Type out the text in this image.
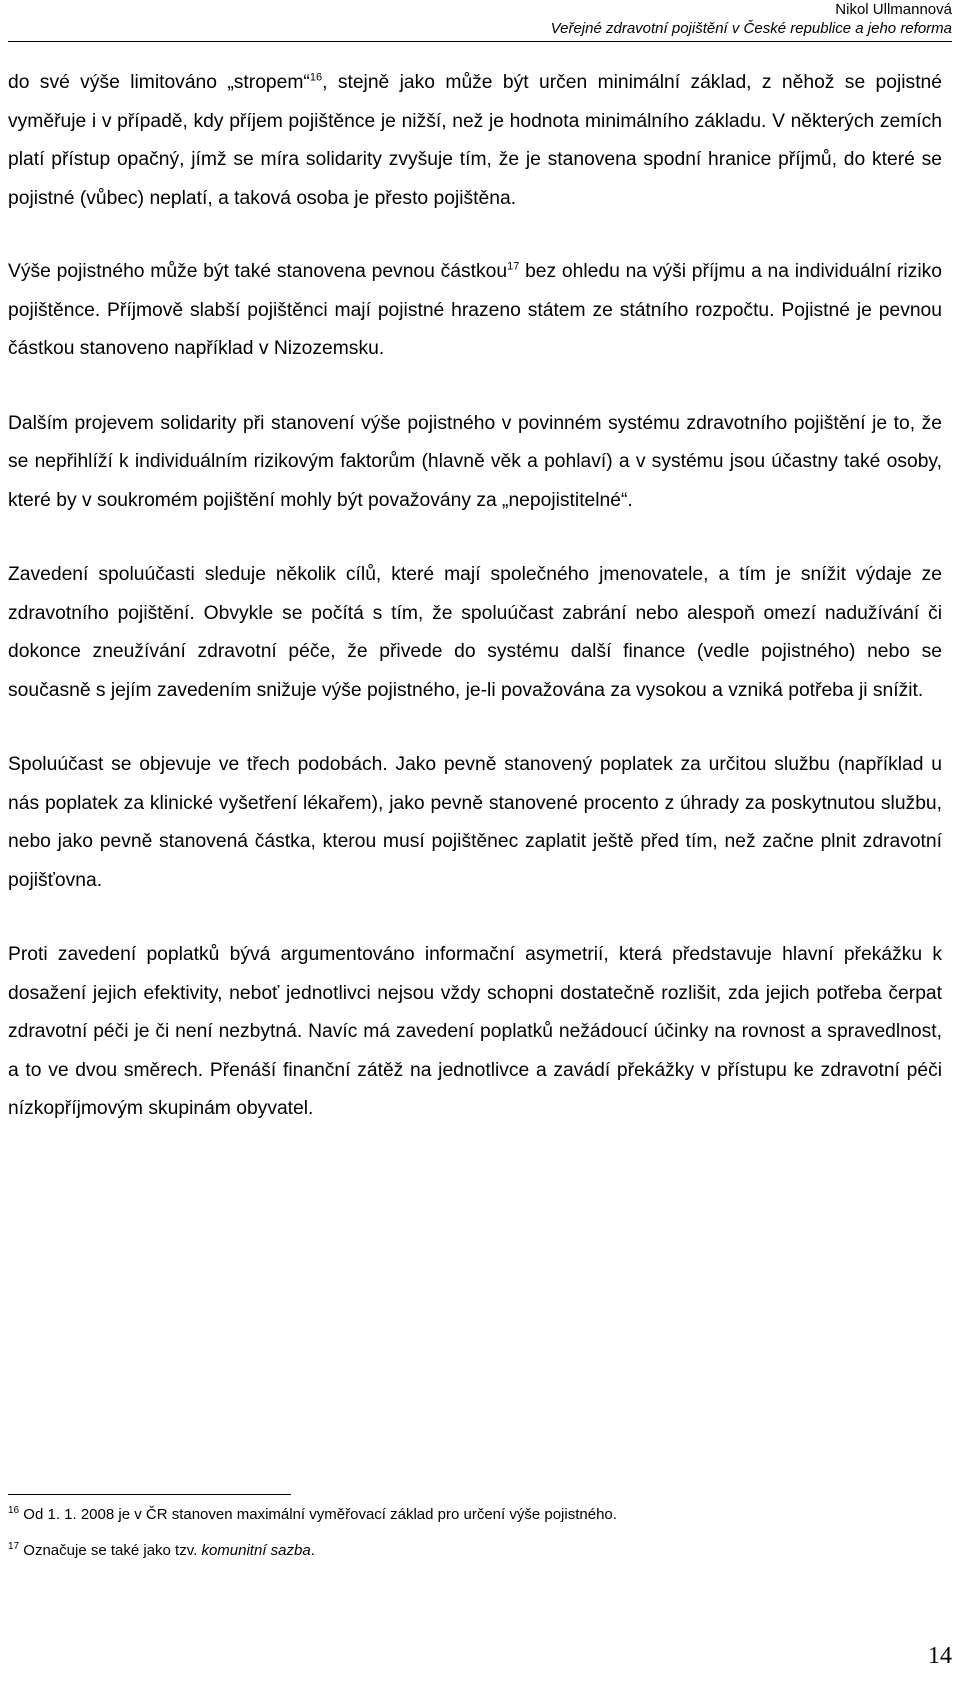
Nikol Ullmannová
Veřejné zdravotní pojištění v České republice a jeho reforma

do své výše limitováno „stropem“$^{16}$, stejně jako může být určen minimální základ, z něhož se pojistné vyměřuje i v případě, kdy příjem pojištěnce je nižší, než je hodnota minimálního základu. V některých zemích platí přístup opačný, jímž se míra solidarity zvyšuje tím, že je stanovena spodní hranice příjmů, do které se pojistné (vůbec) neplatí, a taková osoba je přesto pojištěna.

Výše pojistného může být také stanovena pevnou částkou$^{17}$ bez ohledu na výši příjmu a na individuální riziko pojištěnce. Příjmově slabší pojištěnci mají pojistné hrazeno státem ze státního rozpočtu. Pojistné je pevnou částkou stanoveno například v Nizozemsku.

Dalším projevem solidarity při stanovení výše pojistného v povinném systému zdravotního pojištění je to, že se nepřihlíží k individuálním rizikovým faktorům (hlavně věk a pohlaví) a v systému jsou účastny také osoby, které by v soukromém pojištění mohly být považovány za „nepojistitelné“.

Zavedení spoluúčasti sleduje několik cílů, které mají společného jmenovatele, a tím je snížit výdaje ze zdravotního pojištění. Obvykle se počítá s tím, že spoluúčast zabrání nebo alespoň omezí nadužívání či dokonce zneužívání zdravotní péče, že přivede do systému další finance (vedle pojistného) nebo se současně s jejím zavedením snižuje výše pojistného, je-li považována za vysokou a vzniká potřeba ji snížit.

Spoluúčast se objevuje ve třech podobách. Jako pevně stanovený poplatek za určitou službu (například u nás poplatek za klinické vyšetření lékařem), jako pevně stanovené procento z úhrady za poskytnutou službu, nebo jako pevně stanovená částka, kterou musí pojištěnec zaplatit ještě před tím, než začne plnit zdravotní pojišťovna.

Proti zavedení poplatků bývá argumentováno informační asymetrií, která představuje hlavní překážku k dosažení jejich efektivity, neboť jednotlivci nejsou vždy schopni dostatečně rozlišit, zda jejich potřeba čerpat zdravotní péči je či není nezbytná. Navíc má zavedení poplatků nežádoucí účinky na rovnost a spravedlnost, a to ve dvou směrech. Přenáší finanční zátěž na jednotlivce a zavádí překážky v přístupu ke zdravotní péči nízkopříjmovým skupinám obyvatel.

$^{16}$ Od 1. 1. 2008 je v ČR stanoven maximální vyměřovací základ pro určení výše pojistného.

$^{17}$ Označuje se také jako tzv. komunitní sazba.

14
